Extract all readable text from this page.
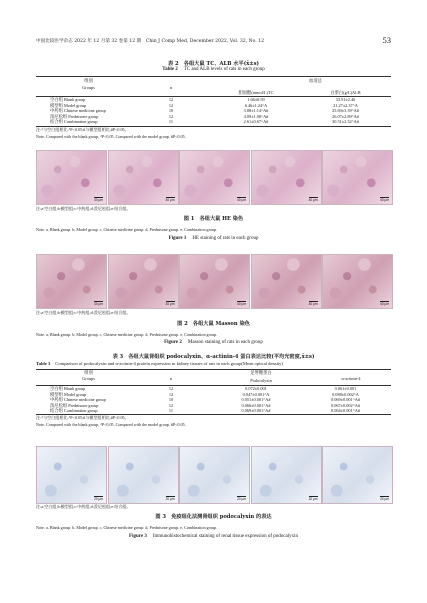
中国比较医学杂志 2022 年 12 月第 32 卷第 12 期　Chin J Comp Med, December 2022, Vol. 32, No. 12	53
表 2　各组大鼠 TC、ALB 水平(x̄±s)
Table 2 TC and ALB levels of rats in each group
组别
Groups	n
血清总
胆固醇(mmol/L)TC	白蛋白(g/L)ALB
空白组 Blank group	12	1.66±0.59	33.91±2.46
模型组 Model group	12	6.46±1.24^A	21.27±2.37^A
中药组 Chinese medicine group	10	3.88±1.14^A#	25.69±3.39^A#
泼尼松组 Prednisone group	12	4.09±1.08^A#	26.07±2.89^A#
结合组 Combination group	11	2.61±0.67^A#	30.51±2.32^A#
注:ᴬ与空白组相比,ᴬP<0.05;#与模型组相比,#P<0.05。
Note. Compared with the blank group, ᴬP<0.05. Compared with the model group, #P<0.05.
40 μm	40 μm	40 μm	40 μm	40 μm
注:a:空白组;b:模型组;c:中药组;d:泼尼松组;e:结合组。
图 1　各组大鼠 HE 染色
Note. a, Blank group. b, Model group. c, Chinese medicine group. d, Prednisone group. e, Combination group.
Figure 1 HE staining of rats in each group
40 μm	40 μm	40 μm	40 μm	40 μm
注:a:空白组;b:模型组;c:中药组;d:泼尼松组;e:结合组。
图 2　各组大鼠 Masson 染色
Note. a, Blank group. b, Model group. c, Chinese medicine group. d, Prednisone group. e, Combination group.
Figure 2 Masson staining of rats in each group
表 3　各组大鼠肾组织 podocalyxin、α-actinin-4 蛋白表达比较(平均光密度,x̄±s)
Table 3 Comparison of podocalyxin and α-actinin-4 protein expression in kidney tissues of rats in each group(Mean optical density)
组别
Groups	n
足萼糖蛋白
Podocalyxin	α-actinin-4
空白组 Blank group	12	0.072±0.001	0.061±0.001
模型组 Model group	12	0.047±0.001^A	0.088±0.002^A
中药组 Chinese medicine group	10	0.051±0.001^A#	0.069±0.001^A#
泼尼松组 Prednisone group	12	0.066±0.001^A#	0.067±0.002^A#
结合组 Combination group	11	0.069±0.001^A#	0.064±0.001^A#
注:ᴬ与空白组相比,ᴬP<0.05;#与模型组相比,#P<0.05。
Note. Compared with the blank group, ᴬP<0.05. Compared with the model group, #P<0.05.
20 μm	20 μm	20 μm	20 μm	20 μm
注:a:空白组;b:模型组;c:中药组;d:泼尼松组;e:结合组。
图 3　免疫组化法测肾组织 podocalyxin 的表达
Note. a, Blank group. b, Model group. c, Chinese medicine group. d, Prednisone group. e, Combination group.
Figure 3 Immunohistochemical staining of renal tissue expression of podocalyxin
